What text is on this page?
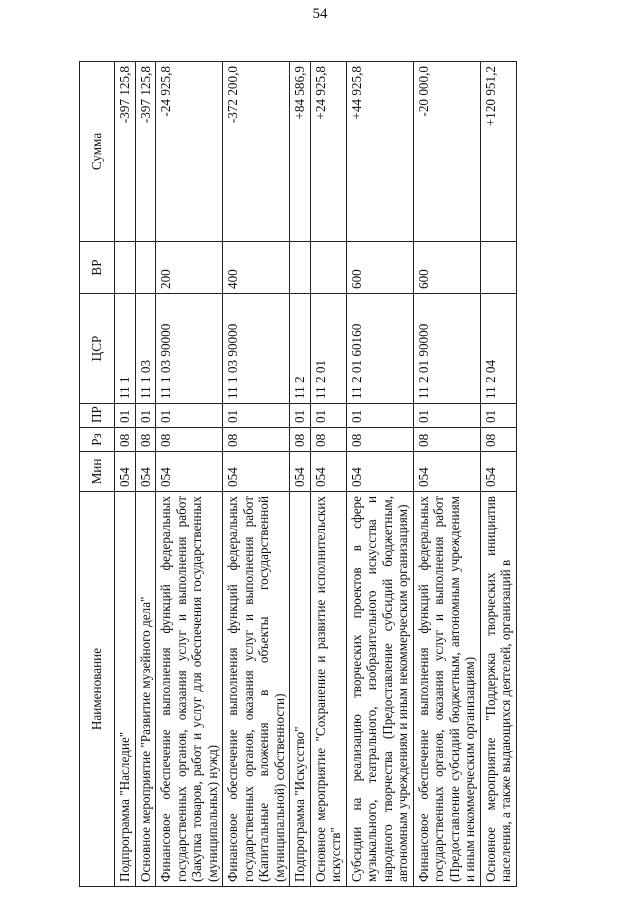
54
Наименование	Мин	Рз	ПР	ЦСР	ВР	Сумма
Подпрограмма "Наследие"	054	08	01	11 1		-397 125,8
Основное мероприятие "Развитие музейного дела"	054	08	01	11 1 03		-397 125,8
Финансовое обеспечение выполнения функций федеральных государственных органов, оказания услуг и выполнения работ (Закупка товаров, работ и услуг для обеспечения государственных (муниципальных) нужд)	054	08	01	11 1 03 90000	200	-24 925,8
Финансовое обеспечение выполнения функций федеральных государственных органов, оказания услуг и выполнения работ (Капитальные вложения в объекты государственной (муниципальной) собственности)	054	08	01	11 1 03 90000	400	-372 200,0
Подпрограмма "Искусство"	054	08	01	11 2		+84 586,9
Основное мероприятие "Сохранение и развитие исполнительских искусств"	054	08	01	11 2 01		+24 925,8
Субсидии на реализацию творческих проектов в сфере музыкального, театрального, изобразительного искусства и народного творчества (Предоставление субсидий бюджетным, автономным учреждениям и иным некоммерческим организациям)	054	08	01	11 2 01 60160	600	+44 925,8
Финансовое обеспечение выполнения функций федеральных государственных органов, оказания услуг и выполнения работ (Предоставление субсидий бюджетным, автономным учреждениям и иным некоммерческим организациям)	054	08	01	11 2 01 90000	600	-20 000,0
Основное мероприятие "Поддержка творческих инициатив населения, а также выдающихся деятелей, организаций в	054	08	01	11 2 04		+120 951,2
